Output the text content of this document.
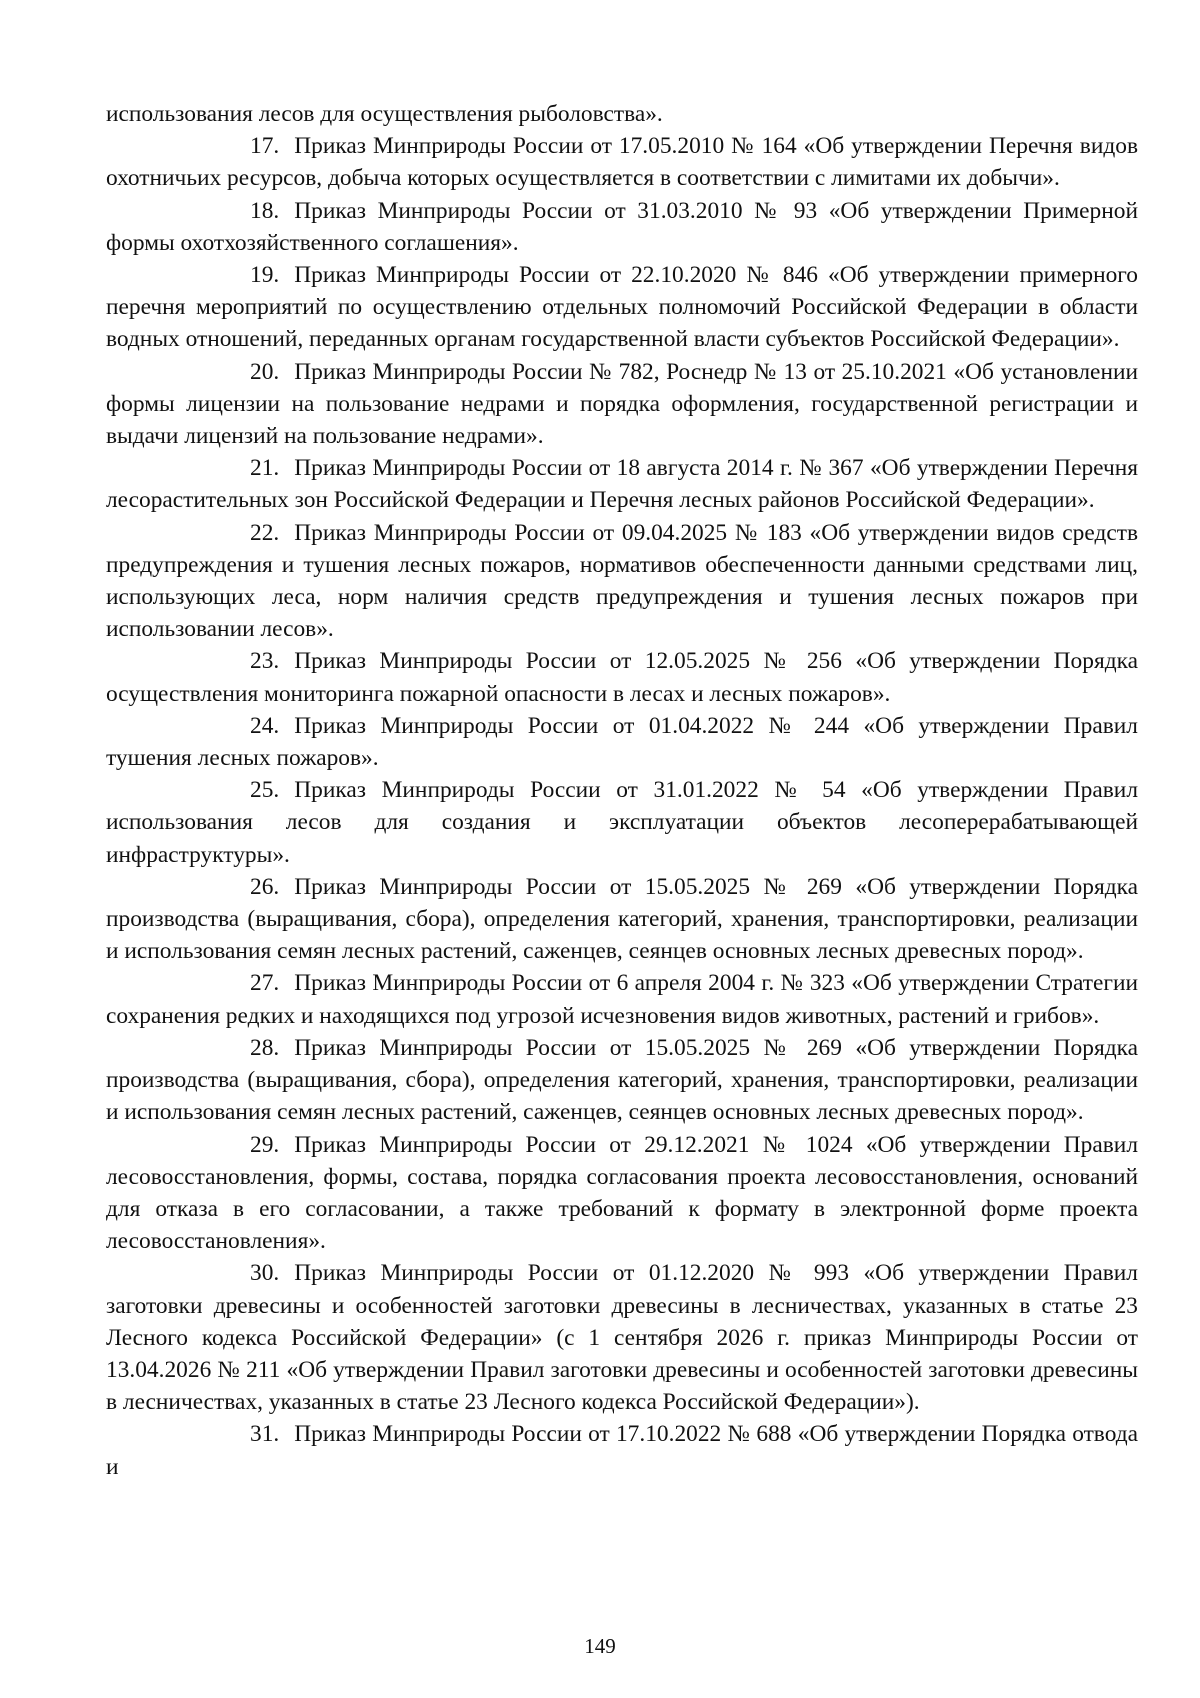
использования лесов для осуществления рыболовства».

17. Приказ Минприроды России от 17.05.2010 № 164 «Об утверждении Перечня видов охотничьих ресурсов, добыча которых осуществляется в соответствии с лимитами их добычи».

18. Приказ Минприроды России от 31.03.2010 № 93 «Об утверждении Примерной формы охотхозяйственного соглашения».

19. Приказ Минприроды России от 22.10.2020 № 846 «Об утверждении примерного перечня мероприятий по осуществлению отдельных полномочий Российской Федерации в области водных отношений, переданных органам государственной власти субъектов Российской Федерации».

20. Приказ Минприроды России № 782, Роснедр № 13 от 25.10.2021 «Об установлении формы лицензии на пользование недрами и порядка оформления, государственной регистрации и выдачи лицензий на пользование недрами».

21. Приказ Минприроды России от 18 августа 2014 г. № 367 «Об утверждении Перечня лесорастительных зон Российской Федерации и Перечня лесных районов Российской Федерации».

22. Приказ Минприроды России от 09.04.2025 № 183 «Об утверждении видов средств предупреждения и тушения лесных пожаров, нормативов обеспеченности данными средствами лиц, использующих леса, норм наличия средств предупреждения и тушения лесных пожаров при использовании лесов».

23. Приказ Минприроды России от 12.05.2025 № 256 «Об утверждении Порядка осуществления мониторинга пожарной опасности в лесах и лесных пожаров».

24. Приказ Минприроды России от 01.04.2022 № 244 «Об утверждении Правил тушения лесных пожаров».

25. Приказ Минприроды России от 31.01.2022 № 54 «Об утверждении Правил использования лесов для создания и эксплуатации объектов лесоперерабатывающей инфраструктуры».

26. Приказ Минприроды России от 15.05.2025 № 269 «Об утверждении Порядка производства (выращивания, сбора), определения категорий, хранения, транспортировки, реализации и использования семян лесных растений, саженцев, сеянцев основных лесных древесных пород».

27. Приказ Минприроды России от 6 апреля 2004 г. № 323 «Об утверждении Стратегии сохранения редких и находящихся под угрозой исчезновения видов животных, растений и грибов».

28. Приказ Минприроды России от 15.05.2025 № 269 «Об утверждении Порядка производства (выращивания, сбора), определения категорий, хранения, транспортировки, реализации и использования семян лесных растений, саженцев, сеянцев основных лесных древесных пород».

29. Приказ Минприроды России от 29.12.2021 № 1024 «Об утверждении Правил лесовосстановления, формы, состава, порядка согласования проекта лесовосстановления, оснований для отказа в его согласовании, а также требований к формату в электронной форме проекта лесовосстановления».

30. Приказ Минприроды России от 01.12.2020 № 993 «Об утверждении Правил заготовки древесины и особенностей заготовки древесины в лесничествах, указанных в статье 23 Лесного кодекса Российской Федерации» (с 1 сентября 2026 г. приказ Минприроды России от 13.04.2026 № 211 «Об утверждении Правил заготовки древесины и особенностей заготовки древесины в лесничествах, указанных в статье 23 Лесного кодекса Российской Федерации»).

31. Приказ Минприроды России от 17.10.2022 № 688 «Об утверждении Порядка отвода и

149
